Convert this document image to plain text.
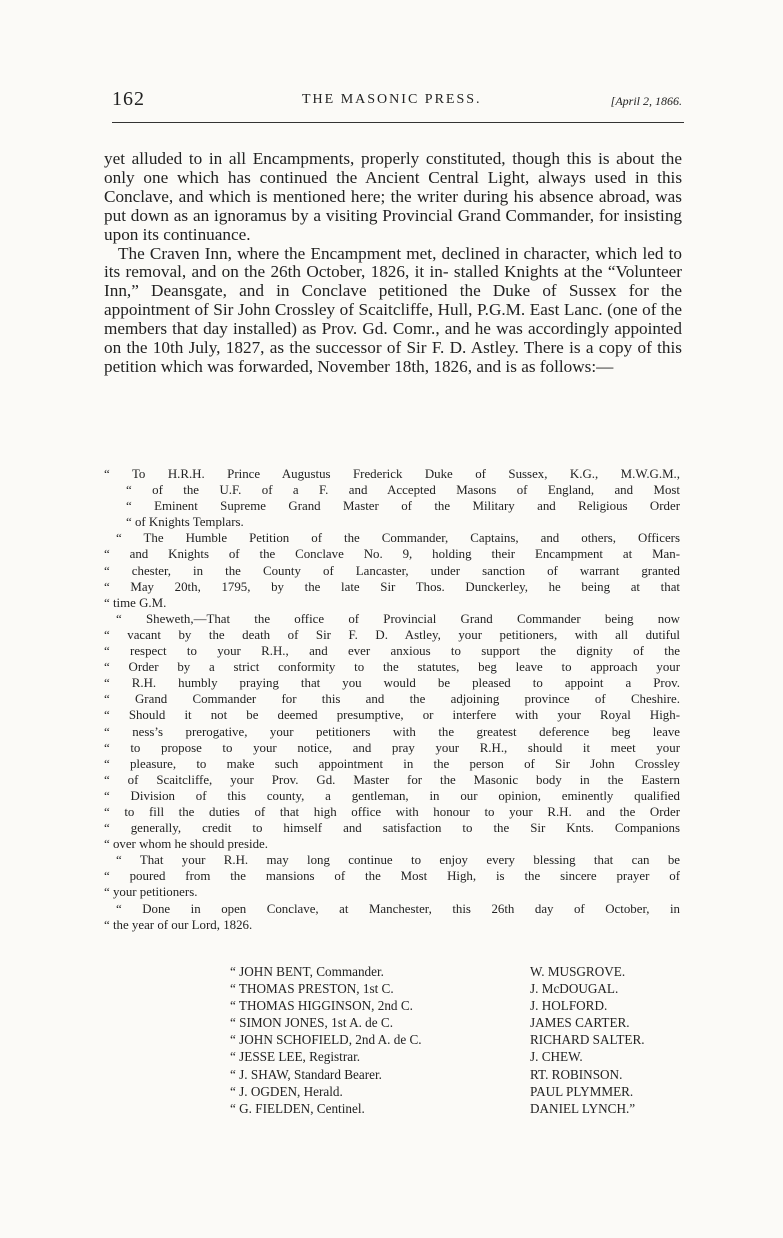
162	THE MASONIC PRESS.	[April 2, 1866.

yet alluded to in all Encampments, properly constituted, though this is about the only one which has continued the Ancient Central Light, always used in this Conclave, and which is mentioned here; the writer during his absence abroad, was put down as an ignoramus by a visiting Provincial Grand Commander, for insisting upon its continuance.

The Craven Inn, where the Encampment met, declined in character, which led to its removal, and on the 26th October, 1826, it in- stalled Knights at the “Volunteer Inn,” Deansgate, and in Conclave petitioned the Duke of Sussex for the appointment of Sir John Crossley of Scaitcliffe, Hull, P.G.M. East Lanc. (one of the members that day installed) as Prov. Gd. Comr., and he was accordingly appointed on the 10th July, 1827, as the successor of Sir F. D. Astley. There is a copy of this petition which was forwarded, November 18th, 1826, and is as follows:—

“ To H.R.H. Prince Augustus Frederick Duke of Sussex, K.G., M.W.G.M.,
“ of the U.F. of a F. and Accepted Masons of England, and Most
“ Eminent Supreme Grand Master of the Military and Religious Order
“ of Knights Templars.
“ The Humble Petition of the Commander, Captains, and others, Officers
“ and Knights of the Conclave No. 9, holding their Encampment at Man-
“ chester, in the County of Lancaster, under sanction of warrant granted
“ May 20th, 1795, by the late Sir Thos. Dunckerley, he being at that
“ time G.M.
“ Sheweth,—That the office of Provincial Grand Commander being now
“ vacant by the death of Sir F. D. Astley, your petitioners, with all dutiful
“ respect to your R.H., and ever anxious to support the dignity of the
“ Order by a strict conformity to the statutes, beg leave to approach your
“ R.H. humbly praying that you would be pleased to appoint a Prov.
“ Grand Commander for this and the adjoining province of Cheshire.
“ Should it not be deemed presumptive, or interfere with your Royal High-
“ ness’s prerogative, your petitioners with the greatest deference beg leave
“ to propose to your notice, and pray your R.H., should it meet your
“ pleasure, to make such appointment in the person of Sir John Crossley
“ of Scaitcliffe, your Prov. Gd. Master for the Masonic body in the Eastern
“ Division of this county, a gentleman, in our opinion, eminently qualified
“ to fill the duties of that high office with honour to your R.H. and the Order
“ generally, credit to himself and satisfaction to the Sir Knts. Companions
“ over whom he should preside.
“ That your R.H. may long continue to enjoy every blessing that can be
“ poured from the mansions of the Most High, is the sincere prayer of
“ your petitioners.
“ Done in open Conclave, at Manchester, this 26th day of October, in
“ the year of our Lord, 1826.
“ JOHN BENT, Commander.	W. MUSGROVE.
“ THOMAS PRESTON, 1st C.	J. McDOUGAL.
“ THOMAS HIGGINSON, 2nd C.	J. HOLFORD.
“ SIMON JONES, 1st A. de C.	JAMES CARTER.
“ JOHN SCHOFIELD, 2nd A. de C.	RICHARD SALTER.
“ JESSE LEE, Registrar.	J. CHEW.
“ J. SHAW, Standard Bearer.	RT. ROBINSON.
“ J. OGDEN, Herald.	PAUL PLYMMER.
“ G. FIELDEN, Centinel.	DANIEL LYNCH.”
